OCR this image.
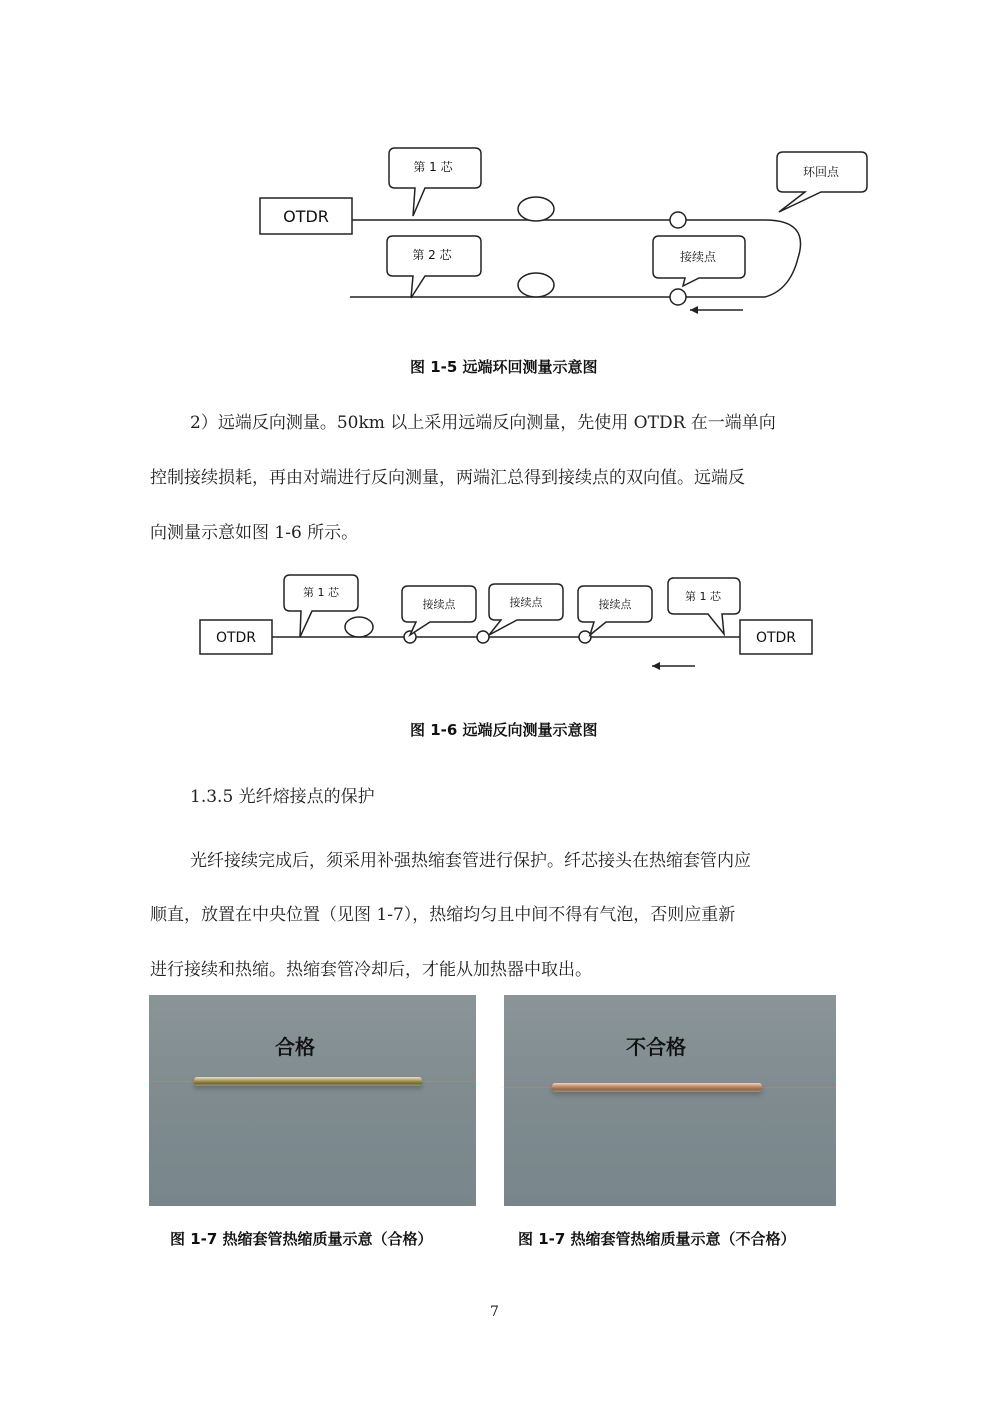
OTDR
第 1 芯
第 2 芯
环回点
接续点
图 1-5 远端环回测量示意图
2）远端反向测量。50km 以上采用远端反向测量，先使用 OTDR 在一端单向
控制接续损耗，再由对端进行反向测量，两端汇总得到接续点的双向值。远端反
向测量示意如图 1-6 所示。
OTDR	OTDR
第 1 芯
接续点	接续点	接续点
第 1 芯
图 1-6 远端反向测量示意图
1.3.5 光纤熔接点的保护
光纤接续完成后，须采用补强热缩套管进行保护。纤芯接头在热缩套管内应
顺直，放置在中央位置（见图 1-7），热缩均匀且中间不得有气泡，否则应重新
进行接续和热缩。热缩套管冷却后，才能从加热器中取出。
合格	不合格
图 1-7 热缩套管热缩质量示意（合格）	图 1-7 热缩套管热缩质量示意（不合格）
7
